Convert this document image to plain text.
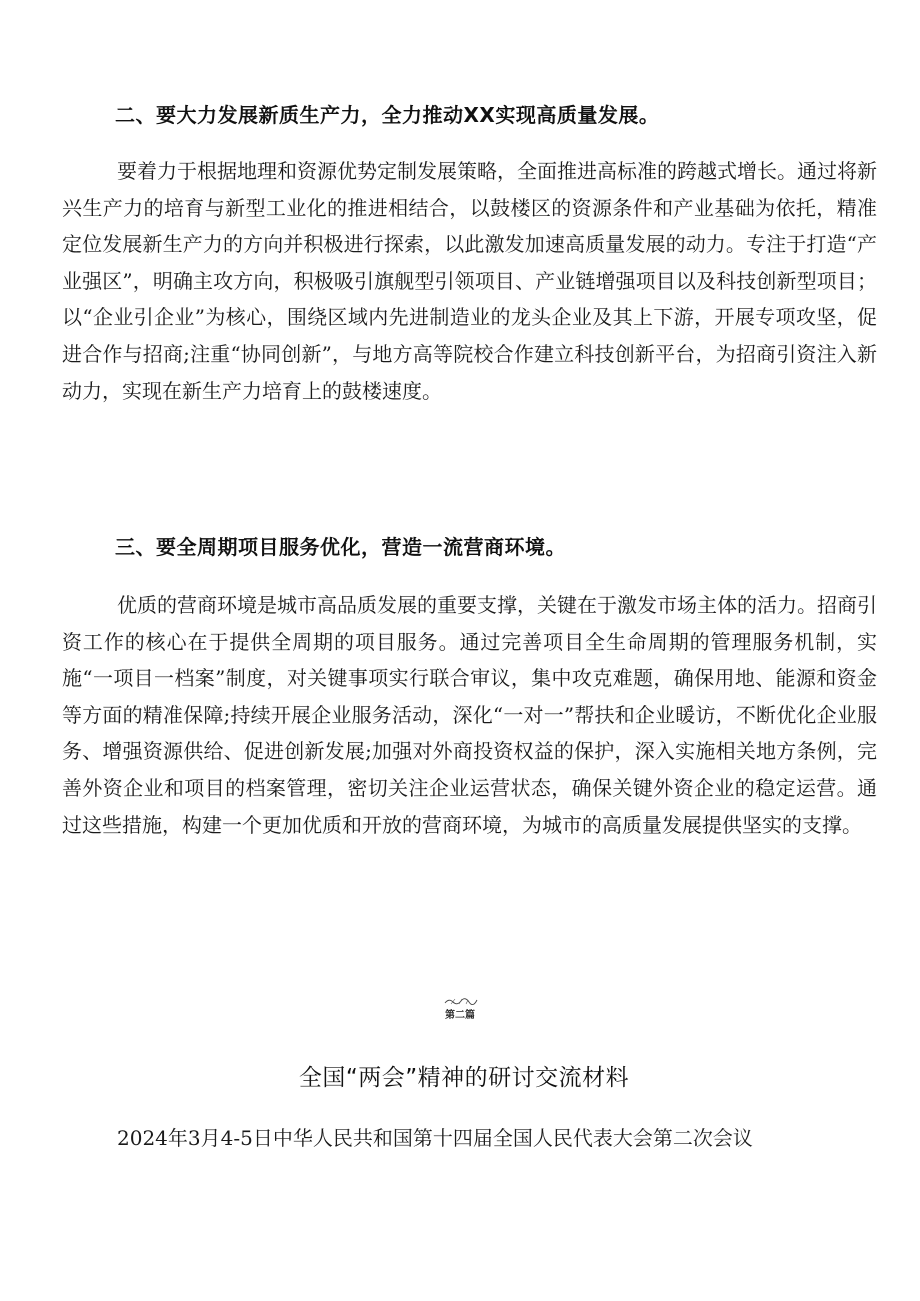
二、要大力发展新质生产力，全力推动XX实现高质量发展。

要着力于根据地理和资源优势定制发展策略，全面推进高标准的跨越式增长。通过将新兴生产力的培育与新型工业化的推进相结合，以鼓楼区的资源条件和产业基础为依托，精准定位发展新生产力的方向并积极进行探索，以此激发加速高质量发展的动力。专注于打造“产业强区”，明确主攻方向，积极吸引旗舰型引领项目、产业链增强项目以及科技创新型项目；以“企业引企业”为核心，围绕区域内先进制造业的龙头企业及其上下游，开展专项攻坚，促进合作与招商;注重“协同创新”，与地方高等院校合作建立科技创新平台，为招商引资注入新动力，实现在新生产力培育上的鼓楼速度。

三、要全周期项目服务优化，营造一流营商环境。

优质的营商环境是城市高品质发展的重要支撑，关键在于激发市场主体的活力。招商引资工作的核心在于提供全周期的项目服务。通过完善项目全生命周期的管理服务机制，实施“一项目一档案”制度，对关键事项实行联合审议，集中攻克难题，确保用地、能源和资金等方面的精准保障;持续开展企业服务活动，深化“一对一”帮扶和企业暖访，不断优化企业服务、增强资源供给、促进创新发展;加强对外商投资权益的保护，深入实施相关地方条例，完善外资企业和项目的档案管理，密切关注企业运营状态，确保关键外资企业的稳定运营。通过这些措施，构建一个更加优质和开放的营商环境，为城市的高质量发展提供坚实的支撑。

第二篇
全国“两会”精神的研讨交流材料
2024年3月4-5日中华人民共和国第十四届全国人民代表大会第二次会议
